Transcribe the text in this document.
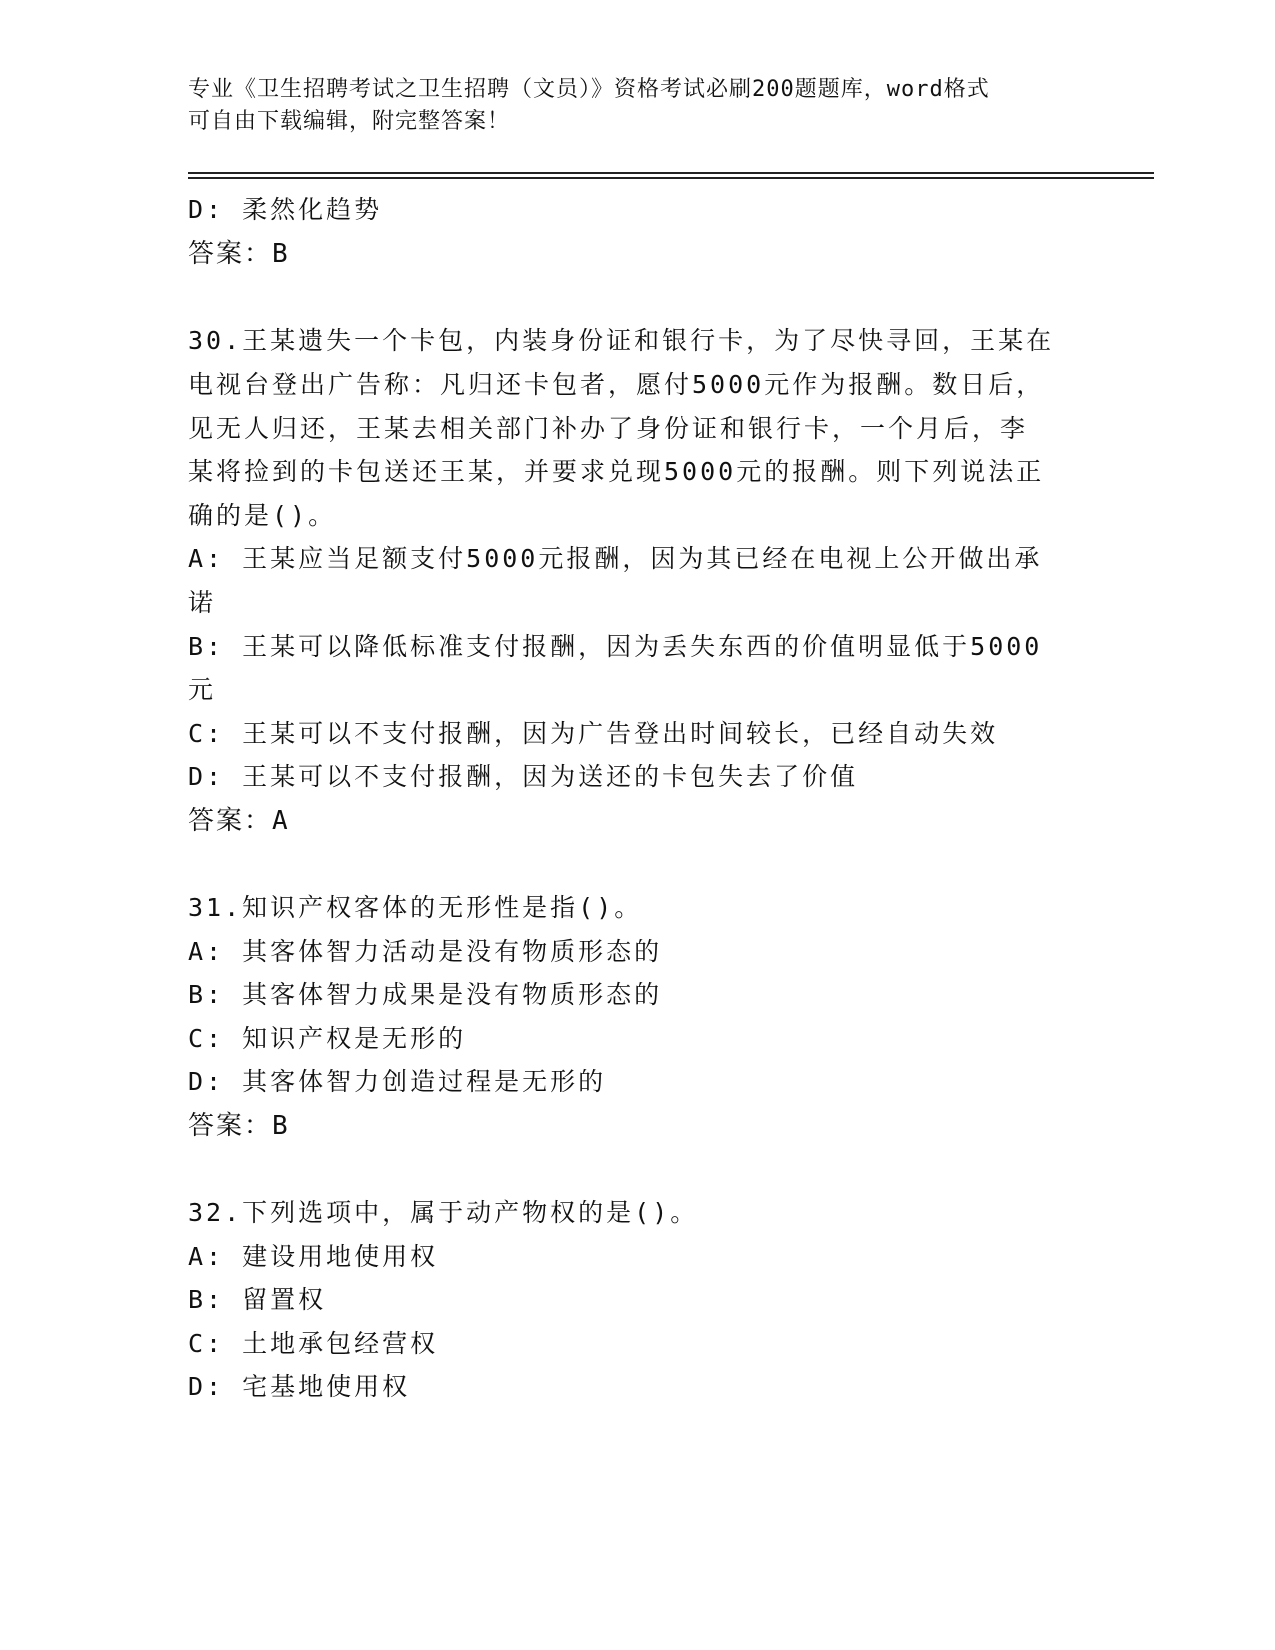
专业《卫生招聘考试之卫生招聘（文员）》资格考试必刷200题题库，word格式
可自由下载编辑，附完整答案！
D: 柔然化趋势
答案：B
30.王某遗失一个卡包，内装身份证和银行卡，为了尽快寻回，王某在
电视台登出广告称：凡归还卡包者，愿付5000元作为报酬。数日后，
见无人归还，王某去相关部门补办了身份证和银行卡，一个月后，李
某将捡到的卡包送还王某，并要求兑现5000元的报酬。则下列说法正
确的是()。
A: 王某应当足额支付5000元报酬，因为其已经在电视上公开做出承
诺
B: 王某可以降低标准支付报酬，因为丢失东西的价值明显低于5000
元
C: 王某可以不支付报酬，因为广告登出时间较长，已经自动失效
D: 王某可以不支付报酬，因为送还的卡包失去了价值
答案：A
31.知识产权客体的无形性是指()。
A: 其客体智力活动是没有物质形态的
B: 其客体智力成果是没有物质形态的
C: 知识产权是无形的
D: 其客体智力创造过程是无形的
答案：B
32.下列选项中，属于动产物权的是()。
A: 建设用地使用权
B: 留置权
C: 土地承包经营权
D: 宅基地使用权
